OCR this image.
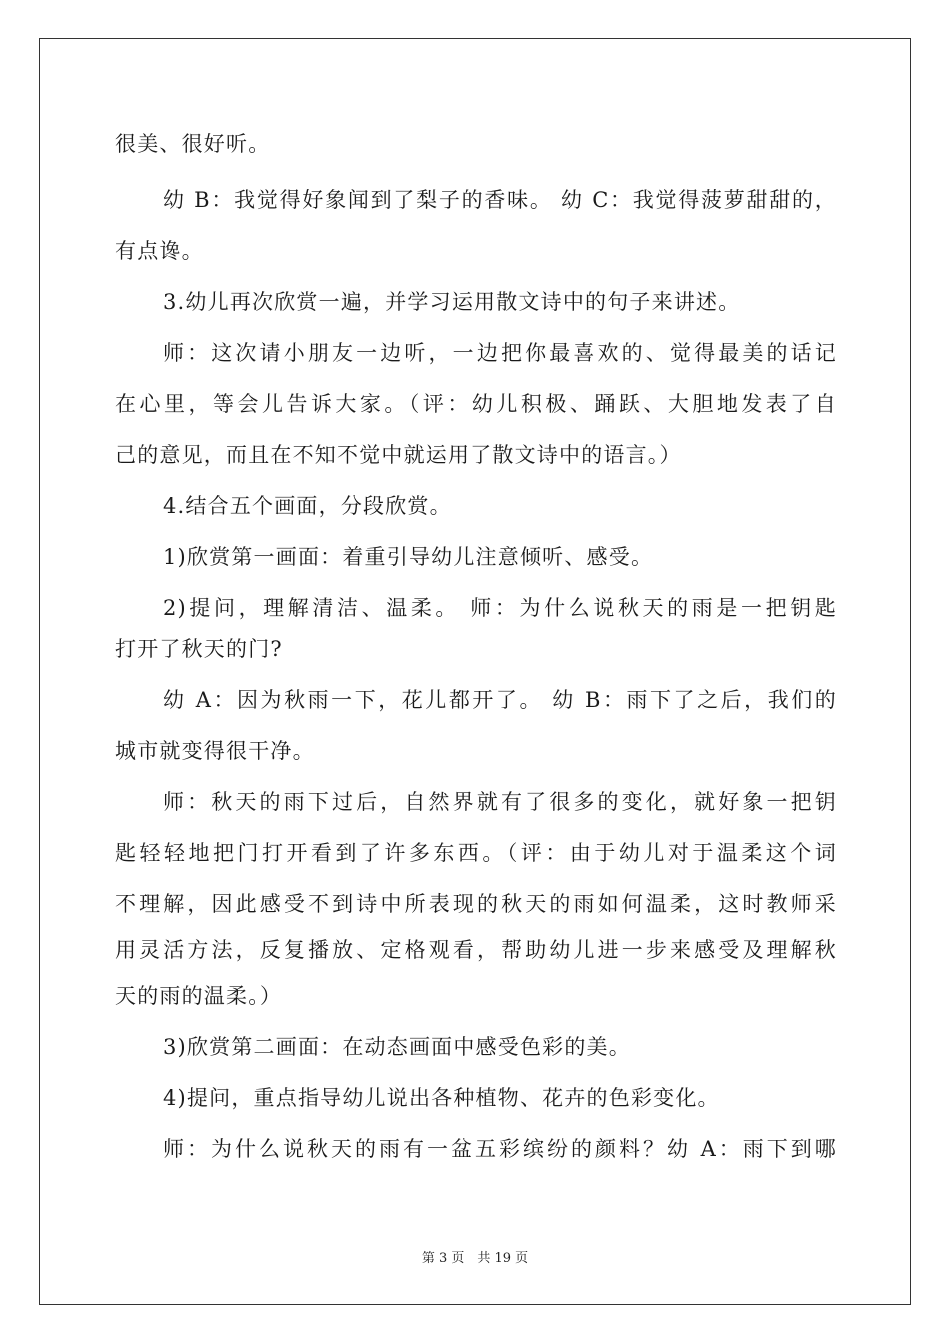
很美、很好听。
幼 B：我觉得好象闻到了梨子的香味。 幼 C：我觉得菠萝甜甜的，
有点谗。
3.幼儿再次欣赏一遍，并学习运用散文诗中的句子来讲述。
师：这次请小朋友一边听，一边把你最喜欢的、觉得最美的话记
在心里，等会儿告诉大家。（评：幼儿积极、踊跃、大胆地发表了自
己的意见，而且在不知不觉中就运用了散文诗中的语言。）
4.结合五个画面，分段欣赏。
1)欣赏第一画面：着重引导幼儿注意倾听、感受。
2)提问，理解清洁、温柔。 师：为什么说秋天的雨是一把钥匙
打开了秋天的门?
幼 A：因为秋雨一下，花儿都开了。 幼 B：雨下了之后，我们的
城市就变得很干净。
师：秋天的雨下过后，自然界就有了很多的变化，就好象一把钥
匙轻轻地把门打开看到了许多东西。（评：由于幼儿对于温柔这个词
不理解，因此感受不到诗中所表现的秋天的雨如何温柔，这时教师采
用灵活方法，反复播放、定格观看，帮助幼儿进一步来感受及理解秋
天的雨的温柔。）
3)欣赏第二画面：在动态画面中感受色彩的美。
4)提问，重点指导幼儿说出各种植物、花卉的色彩变化。
师：为什么说秋天的雨有一盆五彩缤纷的颜料？幼 A：雨下到哪
第 3 页　共 19 页
